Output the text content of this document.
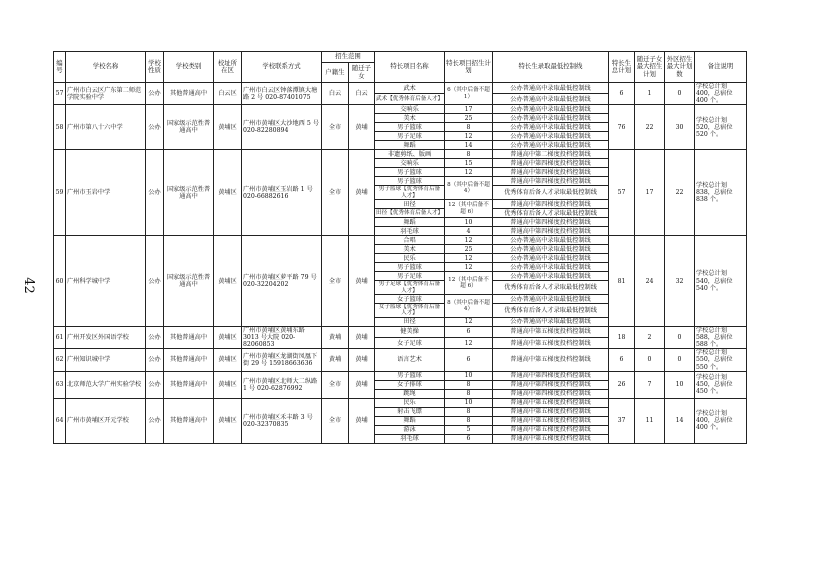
42
编号	学校名称	学校性质	学校类别	校址所在区	学校联系方式	招生范围		特长项目名称	特长项目招生计划	特长生录取最低控制线	特长生总计划	随迁子女最大招生计划	外区招生最大计划数	备注说明
						户籍生	随迁子女							
57	广州市白云区广东第二师范学院实验中学	公办	其他普通高中	白云区	广州市白云区钟落潭镇大塘路 2 号 020-87401075	白云	白云	武术	6（其中后备不超 1）	公办普通高中录取最低控制线	6	1	0	学校总计划 400，总宿位 400 个。
								武术【优秀体育后备人才】		公办普通高中录取最低控制线				
58	广州市第八十六中学	公办	国家级示范性普通高中	黄埔区	广州市黄埔区大沙地西 5 号 020-82280894	全市	黄埔	交响乐	17	公办普通高中录取最低控制线	76	22	30	学校总计划 520，总宿位 520 个。
								美术	25	公办普通高中录取最低控制线				
								男子篮球	8	公办普通高中录取最低控制线				
								男子足球	12	公办普通高中录取最低控制线				
								舞蹈	14	公办普通高中录取最低控制线				
59	广州市玉岩中学	公办	国家级示范性普通高中	黄埔区	广州市黄埔区玉岩路 1 号 020-66882616	全市	黄埔	非遗剪纸、版画	8	普通高中第二梯度投档控制线	57	17	22	学校总计划 838，总宿位 838 个。
								交响乐	15	普通高中第四梯度投档控制线				
								男子篮球	12	普通高中第四梯度投档控制线				
								男子篮球	8（其中后备不超 4）	普通高中第四梯度投档控制线				
								男子篮球【优秀体育后备人才】		优秀体育后备人才录取最低控制线				
								田径	12（其中后备不超 6）	普通高中第四梯度投档控制线				
								田径【优秀体育后备人才】		优秀体育后备人才录取最低控制线				
								舞蹈	10	普通高中第四梯度投档控制线				
								羽毛球	4	普通高中第四梯度投档控制线				
60	广州科学城中学	公办	国家级示范性普通高中	黄埔区	广州市黄埔区萝平路 79 号 020-32204202	全市	黄埔	合唱	12	公办普通高中录取最低控制线	81	24	32	学校总计划 540，总宿位 540 个。
								美术	25	公办普通高中录取最低控制线				
								民乐	12	公办普通高中录取最低控制线				
								男子篮球	12	公办普通高中录取最低控制线				
								男子足球	12（其中后备不超 6）	公办普通高中录取最低控制线				
								男子足球【优秀体育后备人才】		优秀体育后备人才录取最低控制线				
								女子篮球	8（其中后备不超 4）	公办普通高中录取最低控制线				
								女子篮球【优秀体育后备人才】		优秀体育后备人才录取最低控制线				
								田径	12	公办普通高中录取最低控制线				
61	广州开发区外国语学校	公办	其他普通高中	黄埔区	广州市黄埔区黄埔东路 3013 号大院 020-82060853	黄埔	黄埔	健美操	6	普通高中第五梯度投档控制线	18	2	0	学校总计划 588，总宿位 588 个。
								女子足球	12	普通高中第五梯度投档控制线				
62	广州知识城中学	公办	其他普通高中	黄埔区	广州市黄埔区龙湖街凤凰下街 29 号 15918663636	黄埔	黄埔	语言艺术	6	普通高中第五梯度投档控制线	6	0	0	学校总计划 550，总宿位 550 个。
63	北京师范大学广州实验学校	公办	其他普通高中	黄埔区	广州市黄埔区北师大二纵路 1 号 020-62876992	全市	黄埔	男子篮球	10	普通高中第四梯度投档控制线	26	7	10	学校总计划 450，总宿位 450 个。
								女子排球	8	普通高中第四梯度投档控制线				
								跳绳	8	普通高中第四梯度投档控制线				
64	广州市黄埔区开元学校	公办	其他普通高中	黄埔区	广州市黄埔区禾丰路 3 号 020-32370835	全市	黄埔	民乐	10	普通高中第五梯度投档控制线	37	11	14	学校总计划 400，总宿位 400 个。
								射击飞镖	8	普通高中第五梯度投档控制线				
								舞蹈	8	普通高中第五梯度投档控制线				
								游泳	5	普通高中第五梯度投档控制线				
								羽毛球	6	普通高中第五梯度投档控制线				
